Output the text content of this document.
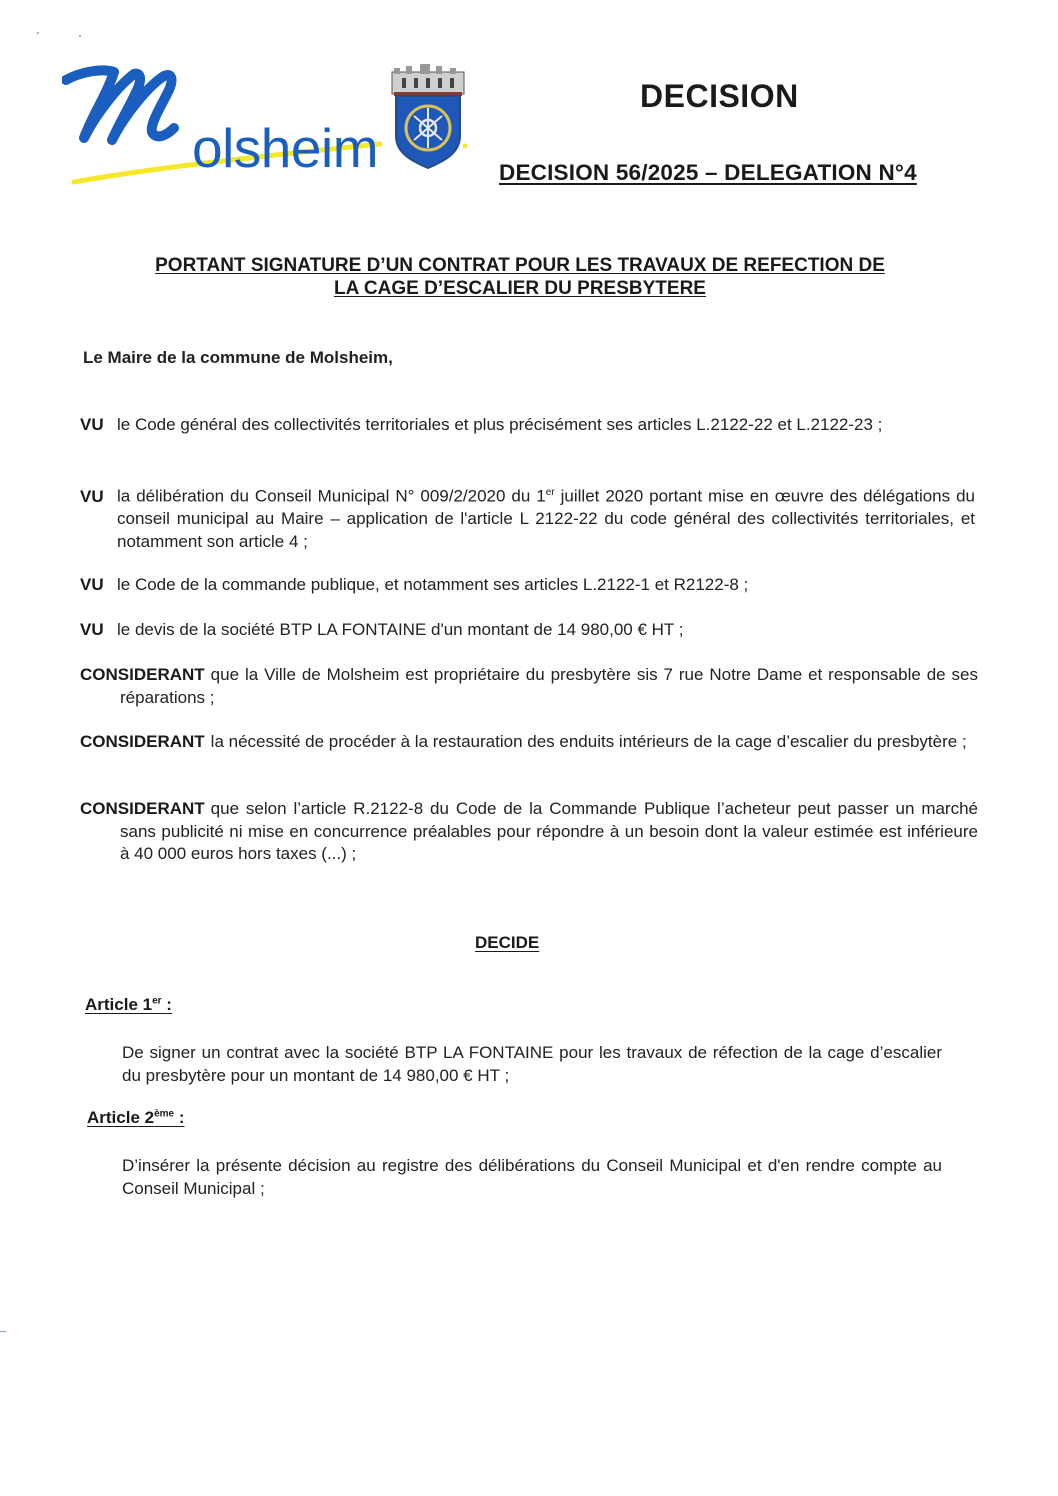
olsheim
DECISION
DECISION 56/2025 – DELEGATION N°4
PORTANT SIGNATURE D’UN CONTRAT POUR LES TRAVAUX DE REFECTION DE
LA CAGE D’ESCALIER DU PRESBYTERE
Le Maire de la commune de Molsheim,
VU le Code général des collectivités territoriales et plus précisément ses articles L.2122-22 et L.2122-23 ;
VU la délibération du Conseil Municipal N° 009/2/2020 du 1er juillet 2020 portant mise en œuvre des délégations du conseil municipal au Maire – application de l'article L 2122-22 du code général des collectivités territoriales, et notamment son article 4 ;
VU le Code de la commande publique, et notamment ses articles L.2122-1 et R2122-8 ;
VU le devis de la société BTP LA FONTAINE d'un montant de 14 980,00 € HT ;
CONSIDERANT que la Ville de Molsheim est propriétaire du presbytère sis 7 rue Notre Dame et responsable de ses réparations ;
CONSIDERANT la nécessité de procéder à la restauration des enduits intérieurs de la cage d’escalier du presbytère ;
CONSIDERANT que selon l’article R.2122-8 du Code de la Commande Publique l’acheteur peut passer un marché sans publicité ni mise en concurrence préalables pour répondre à un besoin dont la valeur estimée est inférieure à 40 000 euros hors taxes (...) ;
DECIDE
Article 1er :
De signer un contrat avec la société BTP LA FONTAINE pour les travaux de réfection de la cage d’escalier du presbytère pour un montant de 14 980,00 € HT ;
Article 2ème :
D’insérer la présente décision au registre des délibérations du Conseil Municipal et d'en rendre compte au Conseil Municipal ;
